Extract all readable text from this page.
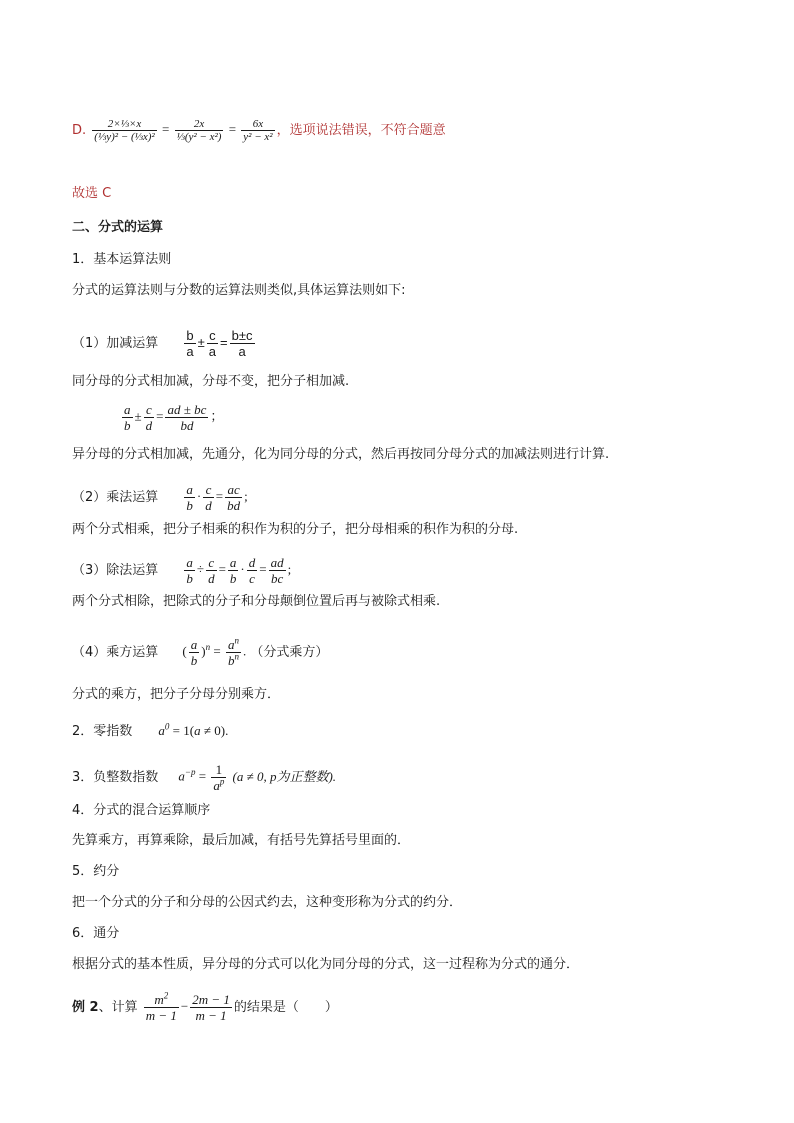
D. $\frac{\text{2×⅓×x}}{\text{(⅓y)² − (⅓x)²}} = \frac{2x}{\text{⅓(y² − x²)}} = \frac{6x}{\text{y² − x²}}$ ，选项说法错误，不符合题意
故选 C
二、分式的运算
1．基本运算法则
分式的运算法则与分数的运算法则类似,具体运算法则如下:
（1）加减运算 $\frac{b}{a} \pm \frac{c}{a} = \frac{b\pm c}{a}$
同分母的分式相加减，分母不变，把分子相加减.
$\frac{a}{b} \pm \frac{c}{d} = \frac{ad \pm bc}{bd}$ ；
异分母的分式相加减，先通分，化为同分母的分式，然后再按同分母分式的加减法则进行计算.
（2）乘法运算 $\frac{a}{b} \cdot \frac{c}{d} = \frac{ac}{bd}$ ;
两个分式相乘，把分子相乘的积作为积的分子，把分母相乘的积作为积的分母.
（3）除法运算 $\frac{a}{b} \div \frac{c}{d} = \frac{a}{b} \cdot \frac{d}{c} = \frac{ad}{bc}$ ;
两个分式相除，把除式的分子和分母颠倒位置后再与被除式相乘.
（4）乘方运算 ( $\frac{a}{b} )^n = \frac{a^n}{b^n}$ . （分式乘方）
分式的乘方，把分子分母分别乘方．
2．零指数 $a^0 = 1(a \ne 0)$.
3．负整数指数 $a^{-p} = \frac{1}{a^p} (a \ne 0$, p为正整数).
4．分式的混合运算顺序
先算乘方，再算乘除，最后加减，有括号先算括号里面的．
5．约分
把一个分式的分子和分母的公因式约去，这种变形称为分式的约分．
6．通分
根据分式的基本性质，异分母的分式可以化为同分母的分式，这一过程称为分式的通分．
例 2、计算 $\frac{m^2}{m - 1} - \frac{2m - 1}{m - 1}$ 的结果是（　　）
